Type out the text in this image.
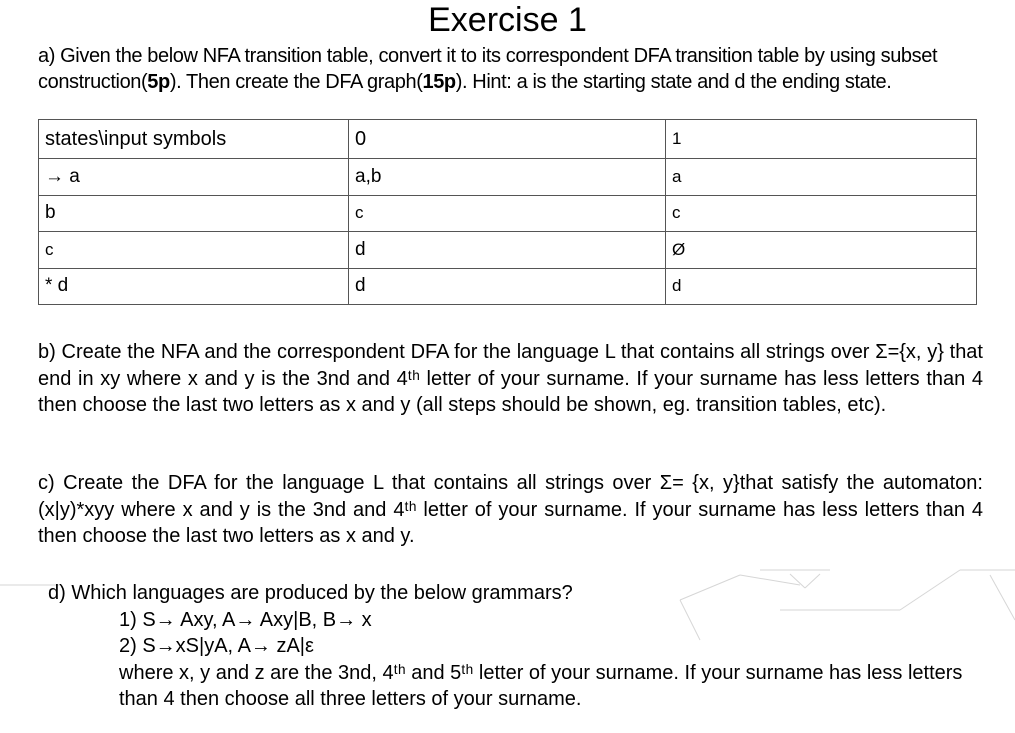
Exercise 1
a) Given the below NFA transition table, convert it to its correspondent DFA transition table by using subset construction(5p). Then create the DFA graph(15p). Hint: a is the starting state and d the ending state.
states\input symbols	0	1
→ a	a,b	a
b	c	c
c	d	Ø
* d	d	d
b) Create the NFA and the correspondent DFA for the language L that contains all strings over Σ={x, y} that end in xy where x and y is the 3nd and 4ᵗʰ letter of your surname. If your surname has less letters than 4 then choose the last two letters as x and y (all steps should be shown, eg. transition tables, etc).
c) Create the DFA for the language L that contains all strings over Σ= {x, y}that satisfy the automaton: (x|y)*xyy where x and y is the 3nd and 4ᵗʰ letter of your surname. If your surname has less letters than 4 then choose the last two letters as x and y.
d) Which languages are produced by the below grammars?
1) S→ Axy, A→ Axy|B, B→ x
2) S→xS|yA, A→ zA|ε
where x, y and z are the 3nd, 4ᵗʰ and 5ᵗʰ letter of your surname. If your surname has less letters than 4 then choose all three letters of your surname.
